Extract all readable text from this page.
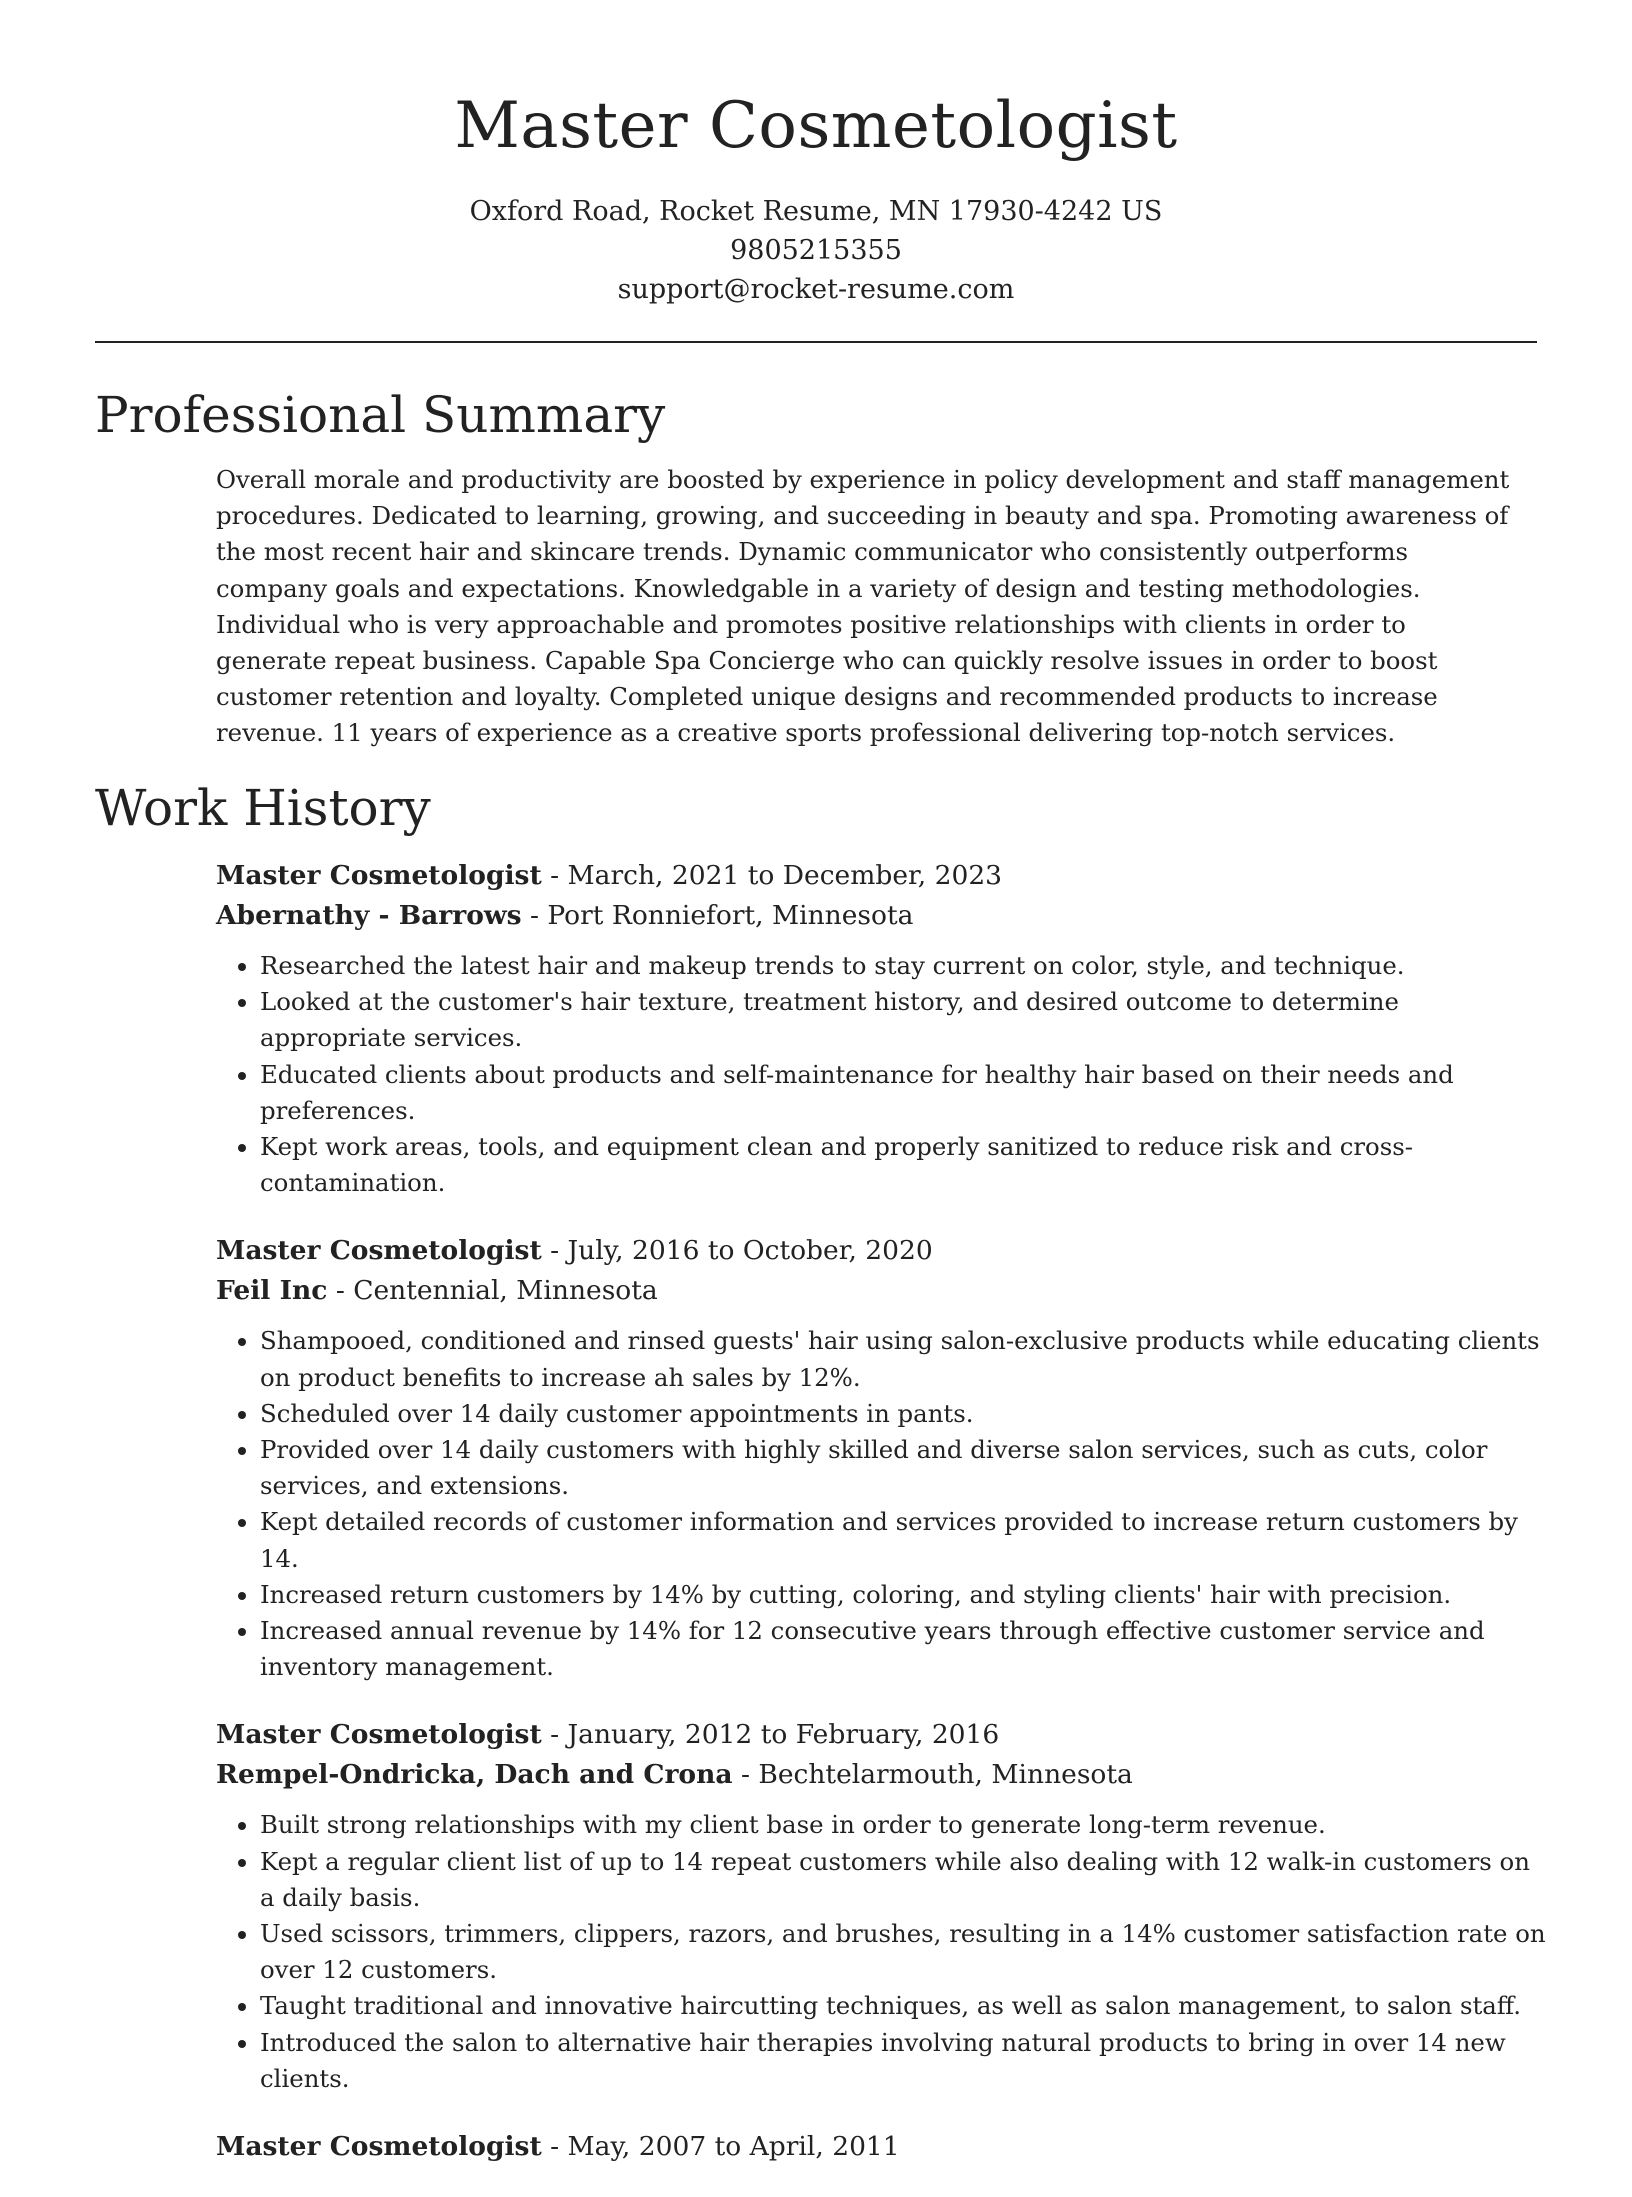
Master Cosmetologist
Oxford Road, Rocket Resume, MN 17930-4242 US
9805215355
support@rocket-resume.com
Professional Summary

Overall morale and productivity are boosted by experience in policy development and staff management procedures. Dedicated to learning, growing, and succeeding in beauty and spa. Promoting awareness of the most recent hair and skincare trends. Dynamic communicator who consistently outperforms company goals and expectations. Knowledgable in a variety of design and testing methodologies. Individual who is very approachable and promotes positive relationships with clients in order to generate repeat business. Capable Spa Concierge who can quickly resolve issues in order to boost customer retention and loyalty. Completed unique designs and recommended products to increase revenue. 11 years of experience as a creative sports professional delivering top-notch services.

Work History
Master Cosmetologist - March, 2021 to December, 2023
Abernathy - Barrows - Port Ronniefort, Minnesota
• Researched the latest hair and makeup trends to stay current on color, style, and technique.
• Looked at the customer's hair texture, treatment history, and desired outcome to determine appropriate services.
• Educated clients about products and self-maintenance for healthy hair based on their needs and preferences.
• Kept work areas, tools, and equipment clean and properly sanitized to reduce risk and cross-contamination.
Master Cosmetologist - July, 2016 to October, 2020
Feil Inc - Centennial, Minnesota
• Shampooed, conditioned and rinsed guests' hair using salon-exclusive products while educating clients on product benefits to increase ah sales by 12%.
• Scheduled over 14 daily customer appointments in pants.
• Provided over 14 daily customers with highly skilled and diverse salon services, such as cuts, color services, and extensions.
• Kept detailed records of customer information and services provided to increase return customers by 14.
• Increased return customers by 14% by cutting, coloring, and styling clients' hair with precision.
• Increased annual revenue by 14% for 12 consecutive years through effective customer service and inventory management.
Master Cosmetologist - January, 2012 to February, 2016
Rempel-Ondricka, Dach and Crona - Bechtelarmouth, Minnesota
• Built strong relationships with my client base in order to generate long-term revenue.
• Kept a regular client list of up to 14 repeat customers while also dealing with 12 walk-in customers on a daily basis.
• Used scissors, trimmers, clippers, razors, and brushes, resulting in a 14% customer satisfaction rate on over 12 customers.
• Taught traditional and innovative haircutting techniques, as well as salon management, to salon staff.
• Introduced the salon to alternative hair therapies involving natural products to bring in over 14 new clients.
Master Cosmetologist - May, 2007 to April, 2011
